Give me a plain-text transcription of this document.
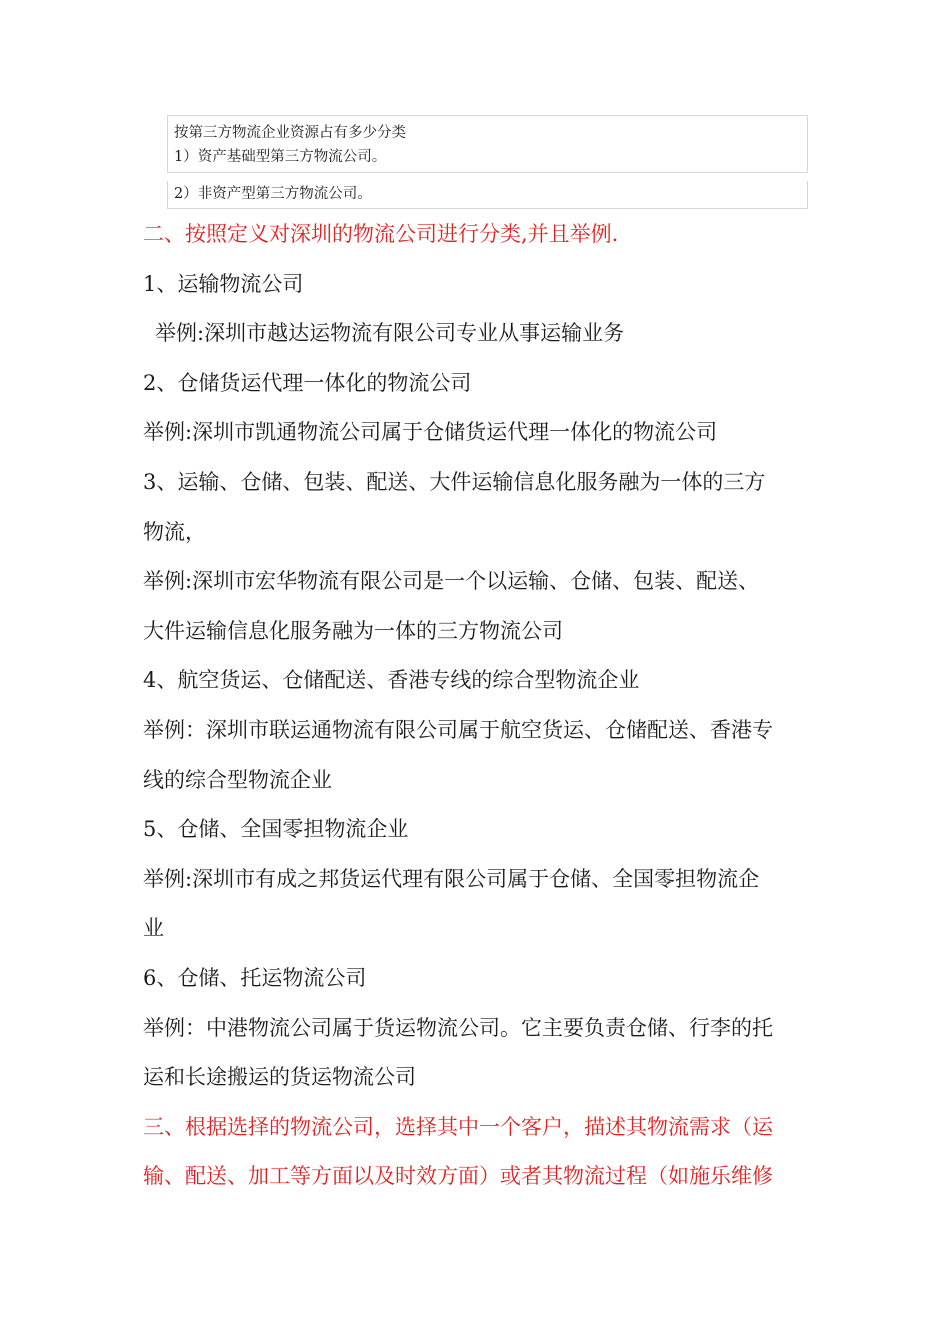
按第三方物流企业资源占有多少分类
1）资产基础型第三方物流公司。
2）非资产型第三方物流公司。

二、按照定义对深圳的物流公司进行分类,并且举例.

1、运输物流公司

举例:深圳市越达运物流有限公司专业从事运输业务

2、仓储货运代理一体化的物流公司

举例:深圳市凯通物流公司属于仓储货运代理一体化的物流公司

3、运输、仓储、包装、配送、大件运输信息化服务融为一体的三方

物流，

举例:深圳市宏华物流有限公司是一个以运输、仓储、包装、配送、

大件运输信息化服务融为一体的三方物流公司

4、航空货运、仓储配送、香港专线的综合型物流企业

举例：深圳市联运通物流有限公司属于航空货运、仓储配送、香港专

线的综合型物流企业

5、仓储、全国零担物流企业

举例:深圳市有成之邦货运代理有限公司属于仓储、全国零担物流企

业

6、仓储、托运物流公司

举例：中港物流公司属于货运物流公司。它主要负责仓储、行李的托

运和长途搬运的货运物流公司

三、根据选择的物流公司，选择其中一个客户，描述其物流需求（运

输、配送、加工等方面以及时效方面）或者其物流过程（如施乐维修
